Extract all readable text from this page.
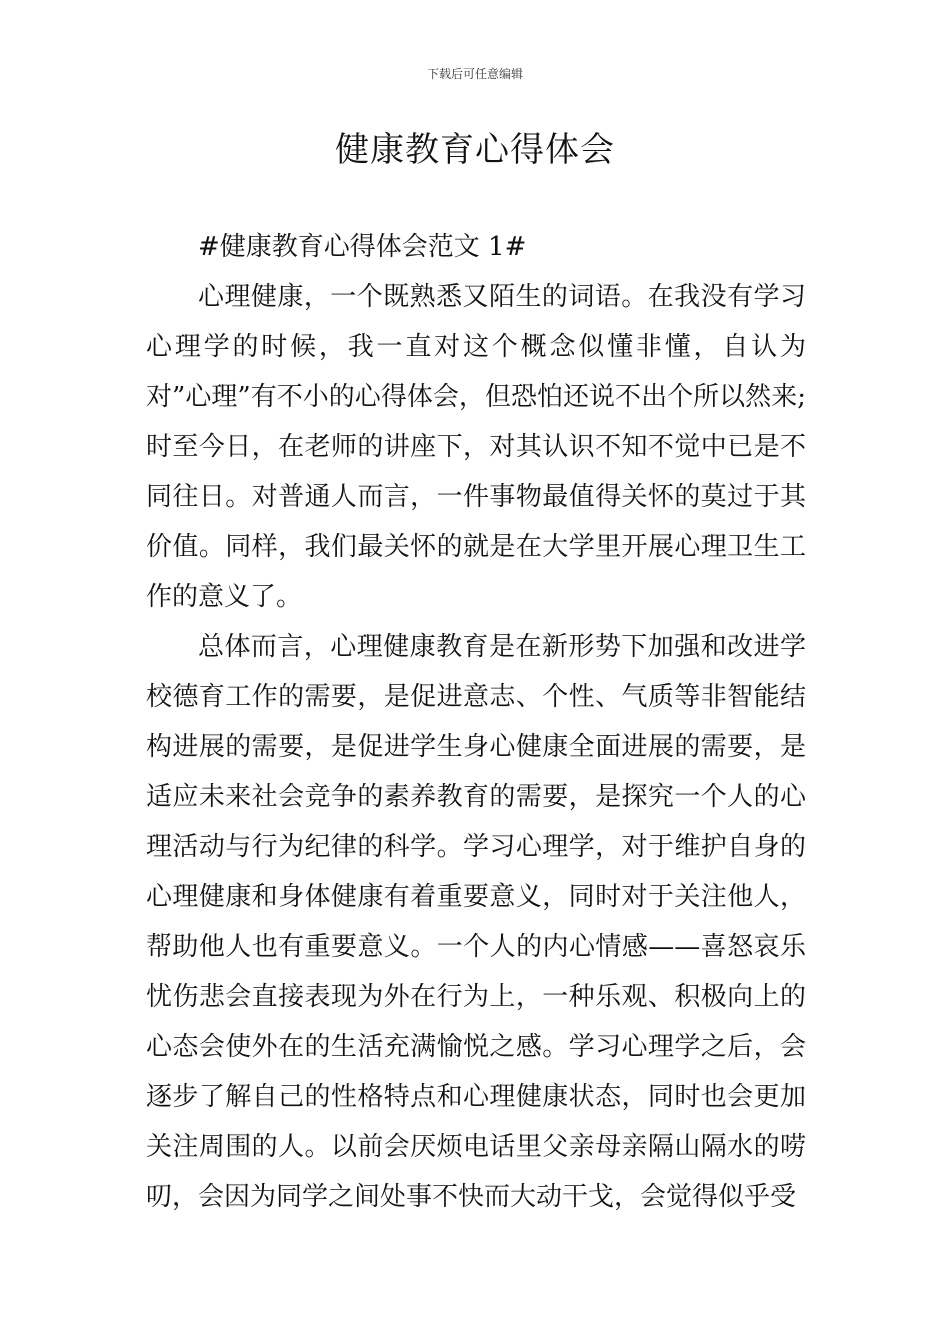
下载后可任意编辑
健康教育心得体会

#健康教育心得体会范文 1#

心理健康，一个既熟悉又陌生的词语。在我没有学习心理学的时候，我一直对这个概念似懂非懂，自认为对”心理”有不小的心得体会，但恐怕还说不出个所以然来;时至今日，在老师的讲座下，对其认识不知不觉中已是不同往日。对普通人而言，一件事物最值得关怀的莫过于其价值。同样，我们最关怀的就是在大学里开展心理卫生工作的意义了。

总体而言，心理健康教育是在新形势下加强和改进学校德育工作的需要，是促进意志、个性、气质等非智能结构进展的需要，是促进学生身心健康全面进展的需要，是适应未来社会竞争的素养教育的需要，是探究一个人的心理活动与行为纪律的科学。学习心理学，对于维护自身的心理健康和身体健康有着重要意义，同时对于关注他人，帮助他人也有重要意义。一个人的内心情感——喜怒哀乐忧伤悲会直接表现为外在行为上，一种乐观、积极向上的心态会使外在的生活充满愉悦之感。学习心理学之后，会逐步了解自己的性格特点和心理健康状态，同时也会更加关注周围的人。以前会厌烦电话里父亲母亲隔山隔水的唠叨，会因为同学之间处事不快而大动干戈，会觉得似乎受
